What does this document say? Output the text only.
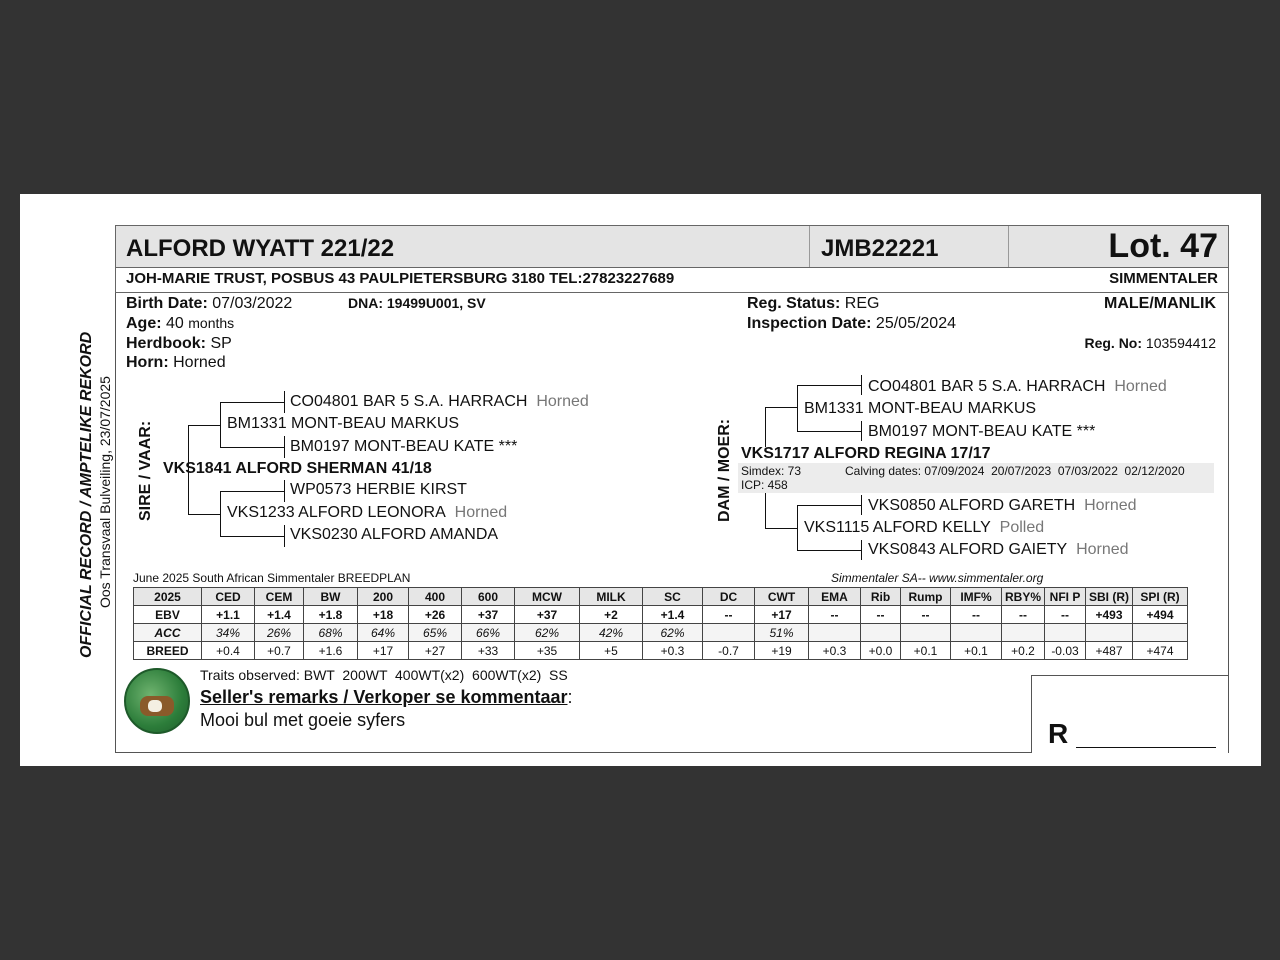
OFFICIAL RECORD / AMPTELIKE REKORD Oos Transvaal Bulveiling, 23/07/2025
ALFORD WYATT 221/22	JMB22221	Lot. 47
JOH-MARIE TRUST, POSBUS 43 PAULPIETERSBURG 3180 TEL:27823227689	SIMMENTALER
Birth Date: 07/03/2022	DNA: 19499U001, SV
Age: 40 months
Herdbook: SP
Horn: Horned
Reg. Status: REG
Inspection Date: 25/05/2024
MALE/MANLIK
Reg. No: 103594412
SIRE / VAAR:
CO04801 BAR 5 S.A. HARRACH Horned
BM1331 MONT-BEAU MARKUS
BM0197 MONT-BEAU KATE ***
VKS1841 ALFORD SHERMAN 41/18
WP0573 HERBIE KIRST
VKS1233 ALFORD LEONORA Horned
VKS0230 ALFORD AMANDA
DAM / MOER:
CO04801 BAR 5 S.A. HARRACH Horned
BM1331 MONT-BEAU MARKUS
BM0197 MONT-BEAU KATE ***
VKS1717 ALFORD REGINA 17/17
Simdex: 73	Calving dates: 07/09/2024  20/07/2023  07/03/2022  02/12/2020
ICP: 458
VKS0850 ALFORD GARETH Horned
VKS1115 ALFORD KELLY Polled
VKS0843 ALFORD GAIETY Horned
June 2025 South African Simmentaler BREEDPLAN	Simmentaler SA-- www.simmentaler.org
2025	CED	CEM	BW	200	400	600	MCW	MILK	SC	DC	CWT	EMA	Rib	Rump	IMF%	RBY%	NFI P	SBI (R)	SPI (R)
EBV	+1.1	+1.4	+1.8	+18	+26	+37	+37	+2	+1.4	--	+17	--	--	--	--	--	--	+493	+494
ACC	34%	26%	68%	64%	65%	66%	62%	42%	62%		51%								
BREED	+0.4	+0.7	+1.6	+17	+27	+33	+35	+5	+0.3	-0.7	+19	+0.3	+0.0	+0.1	+0.1	+0.2	-0.03	+487	+474
Traits observed: BWT  200WT  400WT(x2)  600WT(x2)  SS
Seller's remarks / Verkoper se kommentaar:
Mooi bul met goeie syfers	R
